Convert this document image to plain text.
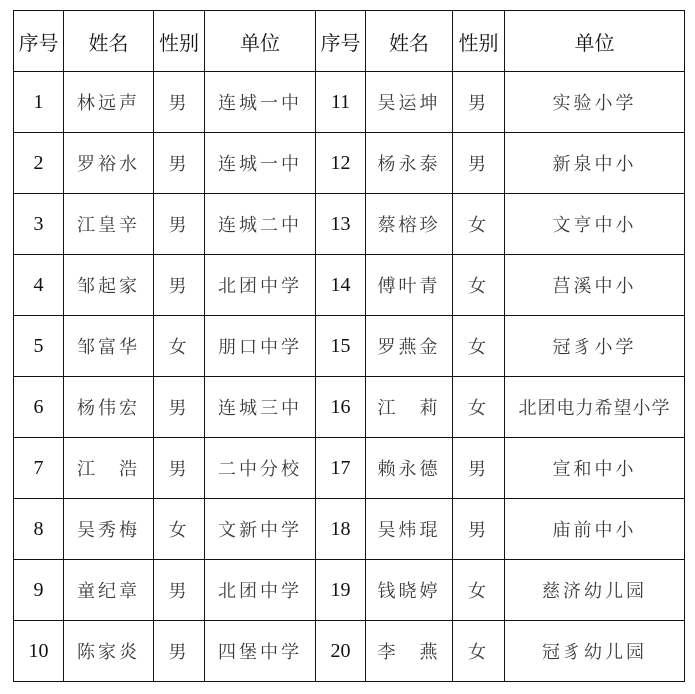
序号	姓名	性别	单位	序号	姓名	性别	单位
1	林远声	男	连城一中	11	吴运坤	男	实验小学
2	罗裕水	男	连城一中	12	杨永泰	男	新泉中小
3	江皇辛	男	连城二中	13	蔡榕珍	女	文亨中小
4	邹起家	男	北团中学	14	傅叶青	女	莒溪中小
5	邹富华	女	朋口中学	15	罗燕金	女	冠豸小学
6	杨伟宏	男	连城三中	16	江　莉	女	北团电力希望小学
7	江　浩	男	二中分校	17	赖永德	男	宣和中小
8	吴秀梅	女	文新中学	18	吴炜琨	男	庙前中小
9	童纪章	男	北团中学	19	钱晓婷	女	慈济幼儿园
10	陈家炎	男	四堡中学	20	李　燕	女	冠豸幼儿园
